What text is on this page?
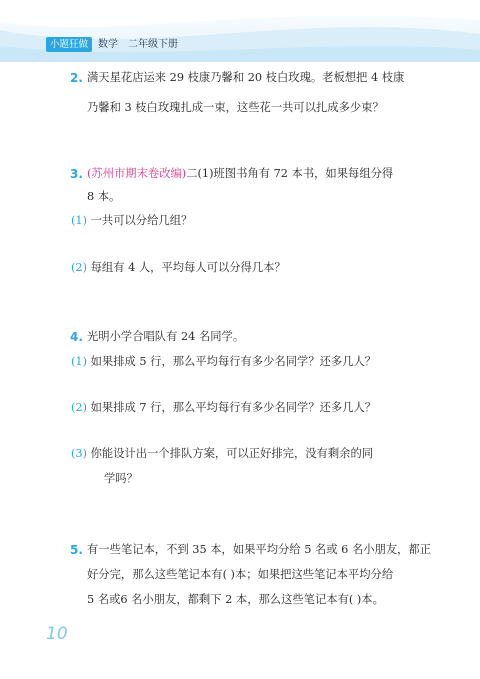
小题狂做 数学 二年级下册
2. 满天星花店运来 29 枝康乃馨和 20 枝白玫瑰。老板想把 4 枝康
乃馨和 3 枝白玫瑰扎成一束，这些花一共可以扎成多少束？
3. (苏州市期末卷改编)二(1)班图书角有 72 本书，如果每组分得
8 本。
(1) 一共可以分给几组？
(2) 每组有 4 人，平均每人可以分得几本？
4. 光明小学合唱队有 24 名同学。
(1) 如果排成 5 行，那么平均每行有多少名同学？还多几人？
(2) 如果排成 7 行，那么平均每行有多少名同学？还多几人？
(3) 你能设计出一个排队方案，可以正好排完，没有剩余的同
学吗？
5. 有一些笔记本，不到 35 本，如果平均分给 5 名或 6 名小朋友，都正
好分完，那么这些笔记本有( )本；如果把这些笔记本平均分给
5 名或6 名小朋友，都剩下 2 本，那么这些笔记本有( )本。
10
